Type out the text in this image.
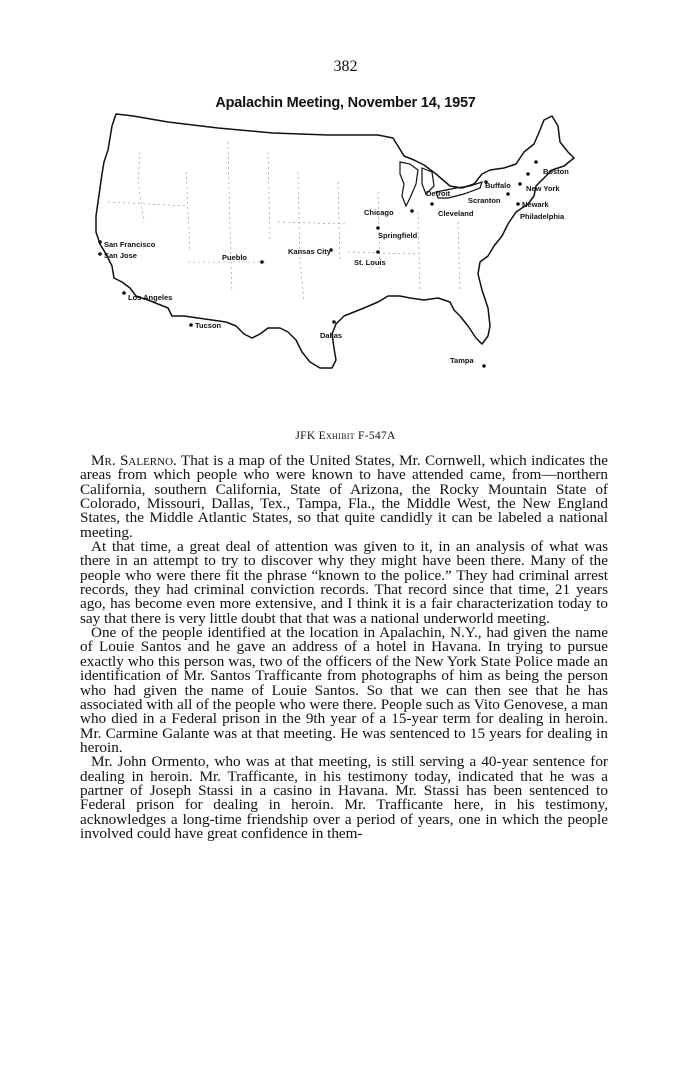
382
Apalachin Meeting, November 14, 1957
Boston
New York
Newark
Philadelphia
Buffalo
Scranton
Detroit
Cleveland
Chicago
Springfield
Kansas City
St. Louis
Pueblo
San Francisco
San Jose
Los Angeles
Tucson
Dallas
Tampa
JFK Exhibit F-547A

Mr. Salerno. That is a map of the United States, Mr. Cornwell, which indicates the areas from which people who were known to have attended came, from—northern California, southern California, State of Arizona, the Rocky Mountain State of Colorado, Missouri, Dallas, Tex., Tampa, Fla., the Middle West, the New England States, the Middle Atlantic States, so that quite candidly it can be labeled a national meeting.

At that time, a great deal of attention was given to it, in an analysis of what was there in an attempt to try to discover why they might have been there. Many of the people who were there fit the phrase “known to the police.” They had criminal arrest records, they had criminal conviction records. That record since that time, 21 years ago, has become even more extensive, and I think it is a fair characterization today to say that there is very little doubt that that was a national underworld meeting.

One of the people identified at the location in Apalachin, N.Y., had given the name of Louie Santos and he gave an address of a hotel in Havana. In trying to pursue exactly who this person was, two of the officers of the New York State Police made an identification of Mr. Santos Trafficante from photographs of him as being the person who had given the name of Louie Santos. So that we can then see that he has associated with all of the people who were there. People such as Vito Genovese, a man who died in a Federal prison in the 9th year of a 15-year term for dealing in heroin. Mr. Carmine Galante was at that meeting. He was sentenced to 15 years for dealing in heroin.

Mr. John Ormento, who was at that meeting, is still serving a 40-year sentence for dealing in heroin. Mr. Trafficante, in his testimony today, indicated that he was a partner of Joseph Stassi in a casino in Havana. Mr. Stassi has been sentenced to Federal prison for dealing in heroin. Mr. Trafficante here, in his testimony, acknowledges a long-time friendship over a period of years, one in which the people involved could have great confidence in them-
